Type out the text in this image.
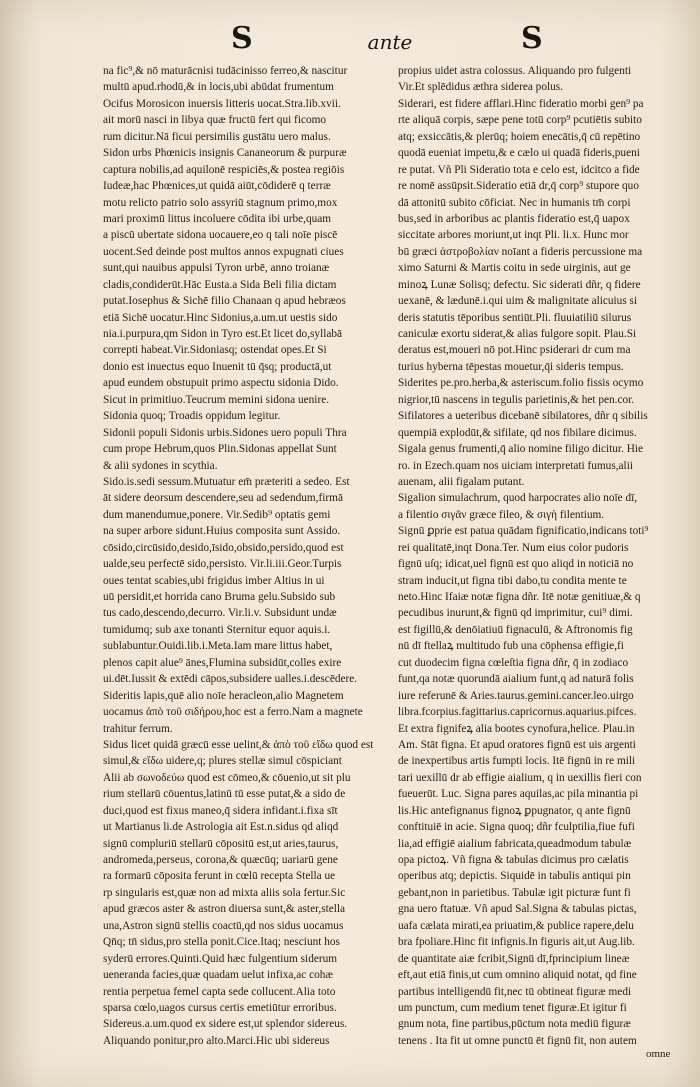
S	ante	S
na fic⁹,& nō maturācnisi tudācinisso ferreo,& nascitur
multū apud.rhodū,& in locis,ubi abūdat frumentum
Ocifus Morosicon inuersis litteris uocat.Stra.lib.xvii.
ait morū nasci in libya quæ fructū fert qui ficomo
rum dicitur.Nā ficui persimilis gustātu uero malus.
Sidon urbs Phœnicis insignis Cananeorum & purpuræ
captura nobilis,ad aquilonē respiciēs,& postea regiōis
Iudeæ,hac Phœnices,ut quidā aiūt,cōdiderē q terræ
motu relicto patrio solo assyriū stagnum primo,mox
mari proximū littus incoluere cōdita ibi urbe,quam
a piscū ubertate sidona uocauere,eo q tali noīe piscē
uocent.Sed deinde post multos annos expugnati ciues
sunt,qui nauibus appulsi Tyron urbē, anno troianæ
cladis,condiderūt.Hāc Eusta.a Sida Beli filia dictam
putat.Iosephus & Sichē filio Chanaan q apud hebræos
etiā Sichē uocatur.Hinc Sidonius,a.um.ut uestis sido
nia.i.purpura,qm Sidon in Tyro est.Et licet do,syllabā
correpti habeat.Vir.Sidoniasq; ostendat opes.Et Si
donio est inuectus equo Inuenit tū q̄sq; productā,ut
apud eundem obstupuit primo aspectu sidonia Dido.
Sicut in primitiuo.Teucrum memini sidona uenire.
Sidonia quoq; Troadis oppidum legitur.
Sidonii populi Sidonis urbis.Sidones uero populi Thra
cum prope Hebrum,quos Plin.Sidonas appellat Sunt
& alii sydones in scythia.
Sido.is.sedi sessum.Mutuatur em̄ præteriti a sedeo. Est
āt sidere deorsum descendere,seu ad sedendum,firmā
dum manendumue,ponere. Vir.Sedib⁹ optatis gemi
na super arbore sidunt.Huius composita sunt Assido.
cōsido,circūsido,desido,īsido,obsido,persido,quod est
ualde,seu perfectē sido,persisto. Vir.li.iii.Geor.Turpis
oues tentat scabies,ubi frigidus imber Altius in ui
uū persidit,et horrida cano Bruma gelu.Subsido sub
tus cado,descendo,decurro. Vir.li.v. Subsidunt undæ
tumidumq; sub axe tonanti Sternitur equor aquis.i.
sublabuntur.Ouidi.lib.i.Meta.Iam mare littus habet,
plenos capit alue⁹ ānes,Flumina subsidūt,colles exire
ui.dēt.Iussit & extēdi cāpos,subsidere ualles.i.descēdere.
Sideritis lapis,quē alio noīe heracleon,alio Magnetem
uocamus ἀπὸ τοῦ σιδήρου,hoc est a ferro.Nam a magnete
trahitur ferrum.
Sidus licet quidā græcū esse uelint,& ἀπὸ τοῦ εἴδω quod est
simul,& εἴδω uidere,q; plures stellæ simul cōspiciant
Alii ab σωνοδεύω quod est cōmeo,& cōuenio,ut sit plu
rium stellarū cōuentus,latinū tū esse putat,& a sido de
duci,quod est fixus maneo,q̄ sidera infidant.i.fixa sīt
ut Martianus li.de Astrologia ait Est.n.sidus qd aliqd
signū compluriū stellarū cōpositū est,ut aries,taurus,
andromeda,perseus, corona,& quæcūq; uariarū gene
ra formarū cōposita ferunt in cœlū recepta Stella ue
rp singularis est,quæ non ad mixta aliis sola fertur.Sic
apud græcos aster & astron diuersa sunt,& aster,stella
una,Astron signū stellis coactū,qd nos sidus uocamus
Qn̄q; tn̄ sidus,pro stella ponit.Cice.Itaq; nesciunt hos
syderū errores.Quinti.Quid hæc fulgentium siderum
ueneranda facies,quæ quadam uelut infixa,ac cohæ
rentia perpetua femel capta sede collucent.Alia toto
sparsa cœlo,uagos cursus certis emetiūtur erroribus.
Sidereus.a.um.quod ex sidere est,ut splendor sidereus.
Aliquando ponitur,pro alto.Marci.Hic ubi sidereus
propius uidet astra colossus. Aliquando pro fulgenti
Vir.Et splēdidus æthra siderea polus.
Siderari, est fidere afflari.Hinc fideratio morbi gen⁹ pa
rte aliquā corpis, sæpe pene totū corp⁹ pcutiētis subito
atq; exsiccātis,& plerūq; hoiem enecātis,q̄ cū repētino
quodā eueniat impetu,& e cælo ui quadā fideris,pueni
re putat. Vñ Pli Sideratio tota e celo est, idcitco a fide
re nomē assūpsit.Sideratio etiā dr,q̄ corp⁹ stupore quo
dā attonitū subito cōficiat. Nec in humanis tm̄ corpi
bus,sed in arboribus ac plantis fideratio est,q̄ uapox
siccitate arbores moriunt,ut inqt Pli. li.x. Hunc mor
bū græci ἀστροβολίαν noīant a fideris percussione ma
ximo Saturni & Martis coitu in sede uirginis, aut ge
minoꝝ Lunæ Solisq; defectu. Sic siderati dñr, q fidere
uexanē, & lædunē.i.qui uim & malignitate alicuius si
deris statutis tēporibus sentiūt.Pli. fluuiatiliū silurus
caniculæ exortu siderat,& alias fulgore sopit. Plau.Si
deratus est,moueri nō pot.Hinc psiderari dr cum ma
turius hyberna tēpestas mouetur,q̄i sideris tempus.
Siderites pe.pro.herba,& asteriscum.folio fissis ocymo
nigrior,tū nascens in tegulis parietinis,& het pen.cor.
Sifilatores a ueteribus dicebanē sibilatores, dñr q sibilis
quempiā explodūt,& sifilate, qd nos fibilare dicimus.
Sigala genus frumenti,q̄ alio nomine filigo dicitur. Hie
ro. in Ezech.quam nos uiciam interpretati fumus,alii
auenam, alii figalam putant.
Sigalion simulachrum, quod harpocrates alio noīe dī,
a filentio σιγᾶν græce fileo, & σιγὴ filentium.
Signū ꝑprie est patua quādam fignificatio,indicans toti⁹
rei qualitatē,inqt Dona.Ter. Num eius color pudoris
fignū uſq; idicat,uel fignū est quo aliqd in noticiā no
stram inducit,ut figna tibi dabo,tu condita mente te
neto.Hinc Ifaiæ notæ figna dñr. Itē notæ genitiuæ,& q
pecudibus inurunt,& fignū qd imprimitur, cui⁹ dimi.
est figillū,& denōiatiuū fignaculū, & Aftronomis fig
nū dī ftellaꝝ multitudo fub una cōphensa effigie,fi
cut duodecim figna cœleſtia figna dñr, q̄ in zodiaco
funt,qa notæ quorundā aialium funt,q ad naturā folis
iure referunē & Aries.taurus.gemini.cancer.leo.uirgo
libra.fcorpius.fagittarius.capricornus.aquarius.pifces.
Et extra fignifeꝝ alia bootes cynofura,helice. Plau.in
Am. Stāt figna. Et apud oratores fignū est uis argenti
de inexpertibus artis fumpti locis. Itē fignū in re mili
tari uexillū dr ab effigie aialium, q in uexillis fieri con
fueuerūt. Luc. Signa pares aquilas,ac pila minantia pi
lis.Hic antefignanus fignoꝝ ꝑpugnator, q ante fignū
conftituiē in acie. Signa quoq; dñr fculptilia,fiue fufi
lia,ad effigiē aialium fabricata,queadmodum tabulæ
opa pictoꝝ. Vñ figna & tabulas dicimus pro cælatis
operibus atq; depictis. Siquidē in tabulis antiqui pin
gebant,non in parietibus. Tabulæ igit picturæ funt fi
gna uero ftatuæ. Vñ apud Sal.Signa & tabulas pictas,
uafa cælata mirati,ea priuatim,& publice rapere,delu
bra fpoliare.Hinc fit infignis.In figuris ait,ut Aug.lib.
de quantitate aiæ fcribit,Signū dī,fprincipium lineæ
eft,aut etiā finis,ut cum omnino aliquid notat, qd fine
partibus intelligendū fit,nec tū obtineat figuræ medi
um punctum, cum medium tenet figuræ.Et igitur fi
gnum nota, fine partibus,pūctum nota mediū figuræ
tenens . Ita fit ut omne punctū ēt fignū fit, non autem
omne
